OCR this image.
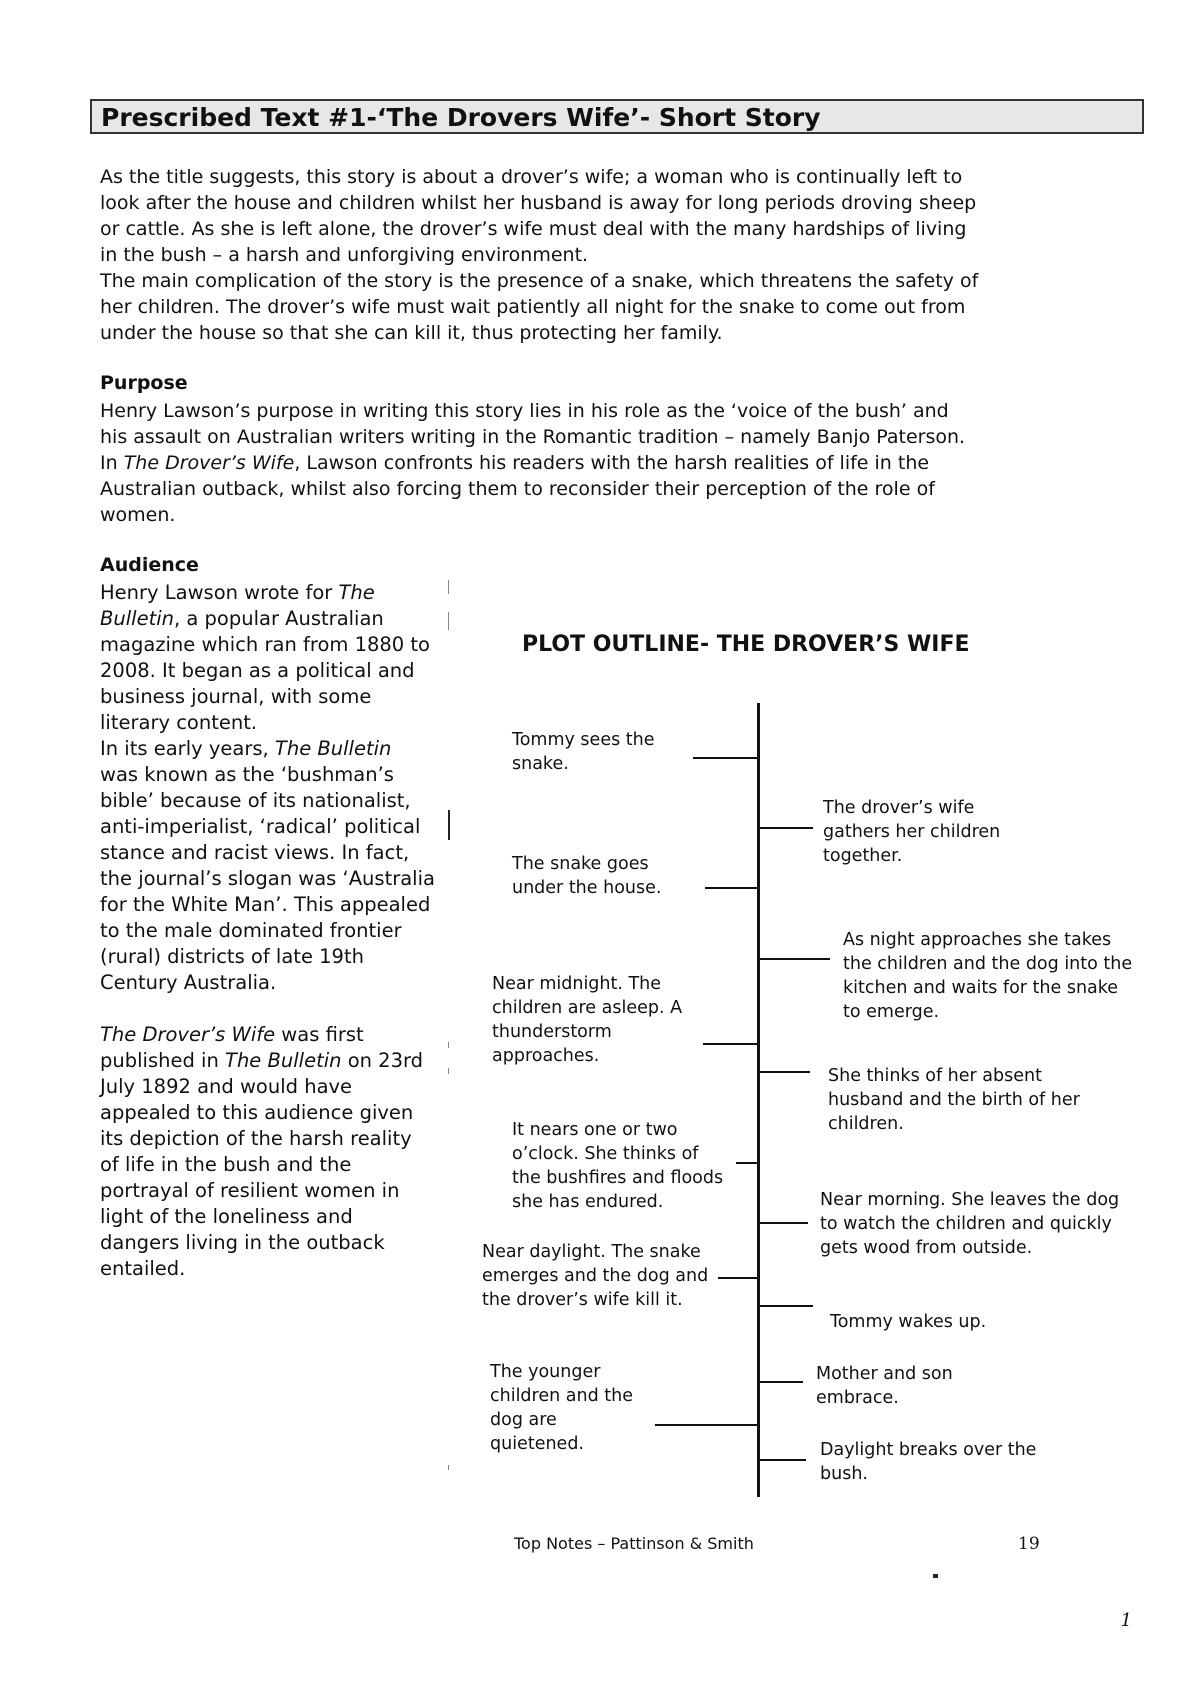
Prescribed Text #1-‘The Drovers Wife’- Short Story

As the title suggests, this story is about a drover’s wife; a woman who is continually left to

look after the house and children whilst her husband is away for long periods droving sheep

or cattle. As she is left alone, the drover’s wife must deal with the many hardships of living

in the bush – a harsh and unforgiving environment.

The main complication of the story is the presence of a snake, which threatens the safety of

her children. The drover’s wife must wait patiently all night for the snake to come out from

under the house so that she can kill it, thus protecting her family.

Purpose

Henry Lawson’s purpose in writing this story lies in his role as the ‘voice of the bush’ and

his assault on Australian writers writing in the Romantic tradition – namely Banjo Paterson.

In The Drover’s Wife, Lawson confronts his readers with the harsh realities of life in the

Australian outback, whilst also forcing them to reconsider their perception of the role of

women.

Audience

Henry Lawson wrote for The Bulletin, a popular Australian magazine which ran from 1880 to 2008. It began as a political and business journal, with some literary content.
In its early years, The Bulletin was known as the ‘bushman’s bible’ because of its nationalist, anti-imperialist, ‘radical’ political stance and racist views. In fact, the journal’s slogan was ‘Australia for the White Man’. This appealed to the male dominated frontier (rural) districts of late 19th Century Australia.
The Drover’s Wife was first published in The Bulletin on 23rd July 1892 and would have appealed to this audience given its depiction of the harsh reality of life in the bush and the portrayal of resilient women in light of the loneliness and dangers living in the outback entailed.
PLOT OUTLINE- THE DROVER’S WIFE
Tommy sees the snake.
The snake goes under the house.
Near midnight. The children are asleep. A thunderstorm approaches.
It nears one or two o’clock. She thinks of the bushfires and floods she has endured.
Near daylight. The snake emerges and the dog and the drover’s wife kill it.
The younger children and the dog are quietened.
The drover’s wife gathers her children together.
As night approaches she takes the children and the dog into the kitchen and waits for the snake to emerge.
She thinks of her absent husband and the birth of her children.
Near morning. She leaves the dog to watch the children and quickly gets wood from outside.
Tommy wakes up.
Mother and son embrace.
Daylight breaks over the bush.
Top Notes – Pattinson & Smith	19
1
